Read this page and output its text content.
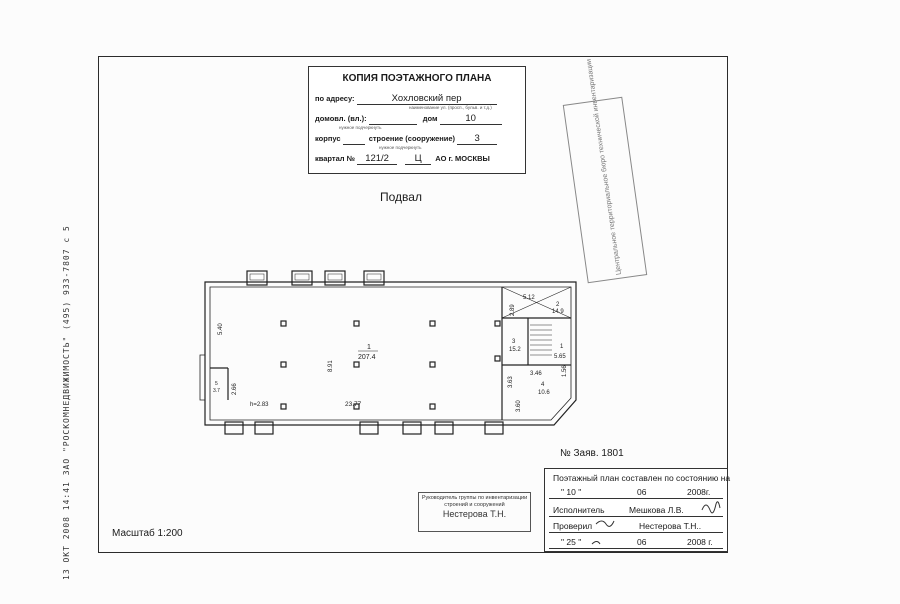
13 ОКТ 2008 14:41 ЗАО "РОСКОМНЕДВИЖИМОСТЬ" (495) 933-7807 с 5
КОПИЯ ПОЭТАЖНОГО ПЛАНА
по адресу:	Хохловский пер
наименование ул. (просп., бульв. и т.д.)
домовл. (вл.):	дом	10
нужное подчеркнуть
корпус	строение (сооружение) 3
нужное подчеркнуть
квартал № 121/2	Ц АО г. МОСКВЫ
Подвал	Центральное территориальное бюро технической инвентаризации
5.40
2.66
h=2.83	23.77
8.91
5.12
2.89
5.65
3.63
3.46	1.56
3.60
1
207.4
2
14.9
3
15.2
4
10.6
5
3.7
1
№ Заяв. 1801
Масштаб 1:200
Руководитель группы по инвентаризации
строений и сооружений
Нестерова Т.Н.
Поэтажный план составлен по состоянию на
" 10 "	06	2008г.
Исполнитель	Мешкова Л.В.
Проверил	Нестерова Т.Н..
" 25 "	06	2008 г.
